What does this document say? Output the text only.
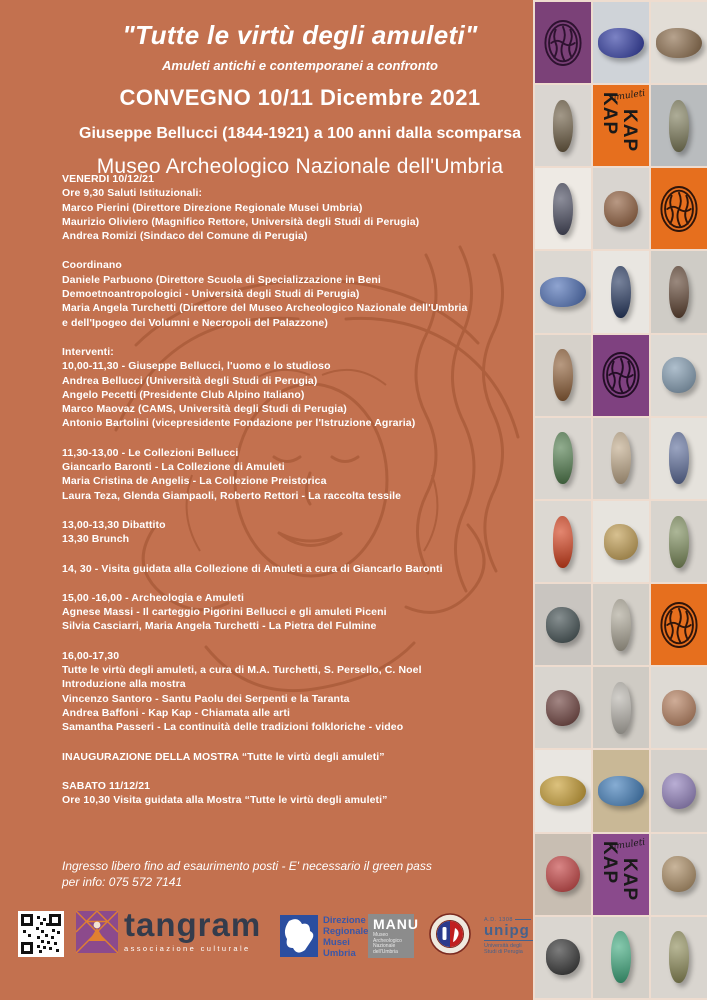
"Tutte le virtù degli amuleti"
Amuleti antichi e contemporanei a confronto
CONVEGNO 10/11 Dicembre 2021
Giuseppe Bellucci (1844-1921) a 100 anni dalla scomparsa
Museo Archeologico Nazionale dell'Umbria
VENERDI 10/12/21
Ore 9,30 Saluti Istituzionali:
Marco Pierini (Direttore Direzione Regionale Musei Umbria)
Maurizio Oliviero (Magnifico Rettore, Università degli Studi di Perugia)
Andrea Romizi (Sindaco del Comune di Perugia)
Coordinano
Daniele Parbuono (Direttore Scuola di Specializzazione in Beni
Demoetnoantropologici - Università degli Studi di Perugia)
Maria Angela Turchetti (Direttore del Museo Archeologico Nazionale dell'Umbria
e dell'Ipogeo dei Volumni e Necropoli del Palazzone)
Interventi:
10,00-11,30 - Giuseppe Bellucci, l'uomo e lo studioso
Andrea Bellucci (Università degli Studi di Perugia)
Angelo Pecetti (Presidente Club Alpino Italiano)
Marco Maovaz (CAMS, Università degli Studi di Perugia)
Antonio Bartolini (vicepresidente Fondazione per l'Istruzione Agraria)
11,30-13,00 - Le Collezioni Bellucci
Giancarlo Baronti - La Collezione di Amuleti
Maria Cristina de Angelis - La Collezione Preistorica
Laura Teza, Glenda Giampaoli, Roberto Rettori - La raccolta tessile
13,00-13,30 Dibattito
13,30 Brunch
14, 30 - Visita guidata alla Collezione di Amuleti a cura di Giancarlo Baronti
15,00 -16,00 - Archeologia e Amuleti
Agnese Massi - Il carteggio Pigorini Bellucci e gli amuleti Piceni
Silvia Casciarri, Maria Angela Turchetti - La Pietra del Fulmine
16,00-17,30
Tutte le virtù degli amuleti, a cura di M.A. Turchetti, S. Persello, C. Noel
Introduzione alla mostra
Vincenzo Santoro - Santu Paolu dei Serpenti e la Taranta
Andrea Baffoni - Kap Kap - Chiamata alle arti
Samantha Passeri - La continuità delle tradizioni folkloriche - video
INAUGURAZIONE DELLA MOSTRA “Tutte le virtù degli amuleti”
SABATO 11/12/21
Ore 10,30 Visita guidata alla Mostra “Tutte le virtù degli amuleti”
Ingresso libero fino ad esaurimento posti - E' necessario il green pass
per info: 075 572 7141
tangram
associazione culturale
Direzione
Regionale
Musei
Umbria
MANU
Museo
Archeologico
Nazionale
dell'Umbria
A.D. 1308
unipg
Università degli Studi di Perugia
KAP KAP
amuleti
KAP KAP
amuleti
